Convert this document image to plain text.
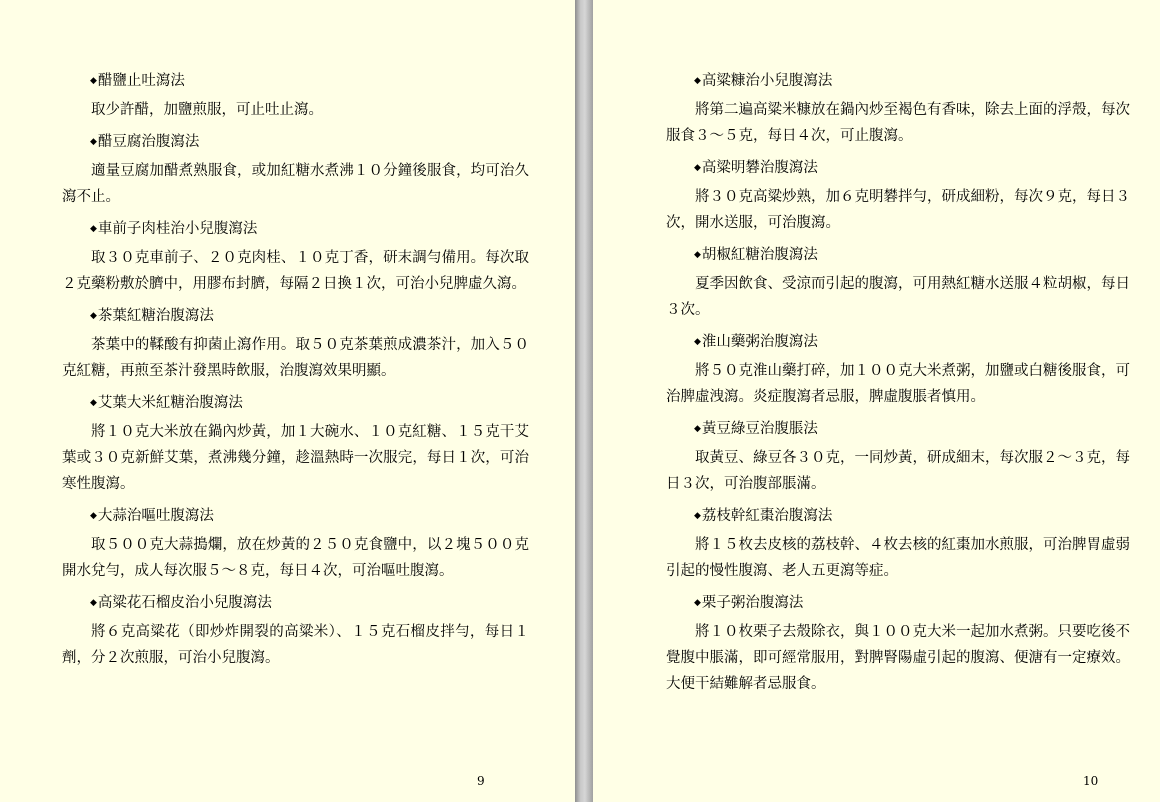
◆醋鹽止吐瀉法

取少許醋，加鹽煎服，可止吐止瀉。

◆醋豆腐治腹瀉法

適量豆腐加醋煮熟服食，或加紅糖水煮沸１０分鐘後服食，均可治久瀉不止。

◆車前子肉桂治小兒腹瀉法

取３０克車前子、２０克肉桂、１０克丁香，研末調勻備用。每次取２克藥粉敷於臍中，用膠布封臍，每隔２日換１次，可治小兒脾虛久瀉。

◆茶葉紅糖治腹瀉法

茶葉中的鞣酸有抑菌止瀉作用。取５０克茶葉煎成濃茶汁，加入５０克紅糖，再煎至茶汁發黑時飲服，治腹瀉效果明顯。

◆艾葉大米紅糖治腹瀉法

將１０克大米放在鍋內炒黃，加１大碗水、１０克紅糖、１５克干艾葉或３０克新鮮艾葉，煮沸幾分鐘，趁溫熱時一次服完，每日１次，可治寒性腹瀉。

◆大蒜治嘔吐腹瀉法

取５００克大蒜搗爛，放在炒黃的２５０克食鹽中，以２塊５００克開水兌勻，成人每次服５～８克，每日４次，可治嘔吐腹瀉。

◆高粱花石榴皮治小兒腹瀉法

將６克高粱花（即炒炸開裂的高粱米）、１５克石榴皮拌勻，每日１劑，分２次煎服，可治小兒腹瀉。

9
◆高粱糠治小兒腹瀉法

將第二遍高粱米糠放在鍋內炒至褐色有香味，除去上面的浮殼，每次服食３～５克，每日４次，可止腹瀉。

◆高粱明礬治腹瀉法

將３０克高粱炒熟，加６克明礬拌勻，研成細粉，每次９克，每日３次，開水送服，可治腹瀉。

◆胡椒紅糖治腹瀉法

夏季因飲食、受涼而引起的腹瀉，可用熱紅糖水送服４粒胡椒，每日３次。

◆淮山藥粥治腹瀉法

將５０克淮山藥打碎，加１００克大米煮粥，加鹽或白糖後服食，可治脾虛洩瀉。炎症腹瀉者忌服，脾虛腹脹者慎用。

◆黃豆綠豆治腹脹法

取黃豆、綠豆各３０克，一同炒黃，研成細末，每次服２～３克，每日３次，可治腹部脹滿。

◆荔枝幹紅棗治腹瀉法

將１５枚去皮核的荔枝幹、４枚去核的紅棗加水煎服，可治脾胃虛弱引起的慢性腹瀉、老人五更瀉等症。

◆栗子粥治腹瀉法

將１０枚栗子去殼除衣，與１００克大米一起加水煮粥。只要吃後不覺腹中脹滿，即可經常服用，對脾腎陽虛引起的腹瀉、便溏有一定療效。大便干結難解者忌服食。

10
